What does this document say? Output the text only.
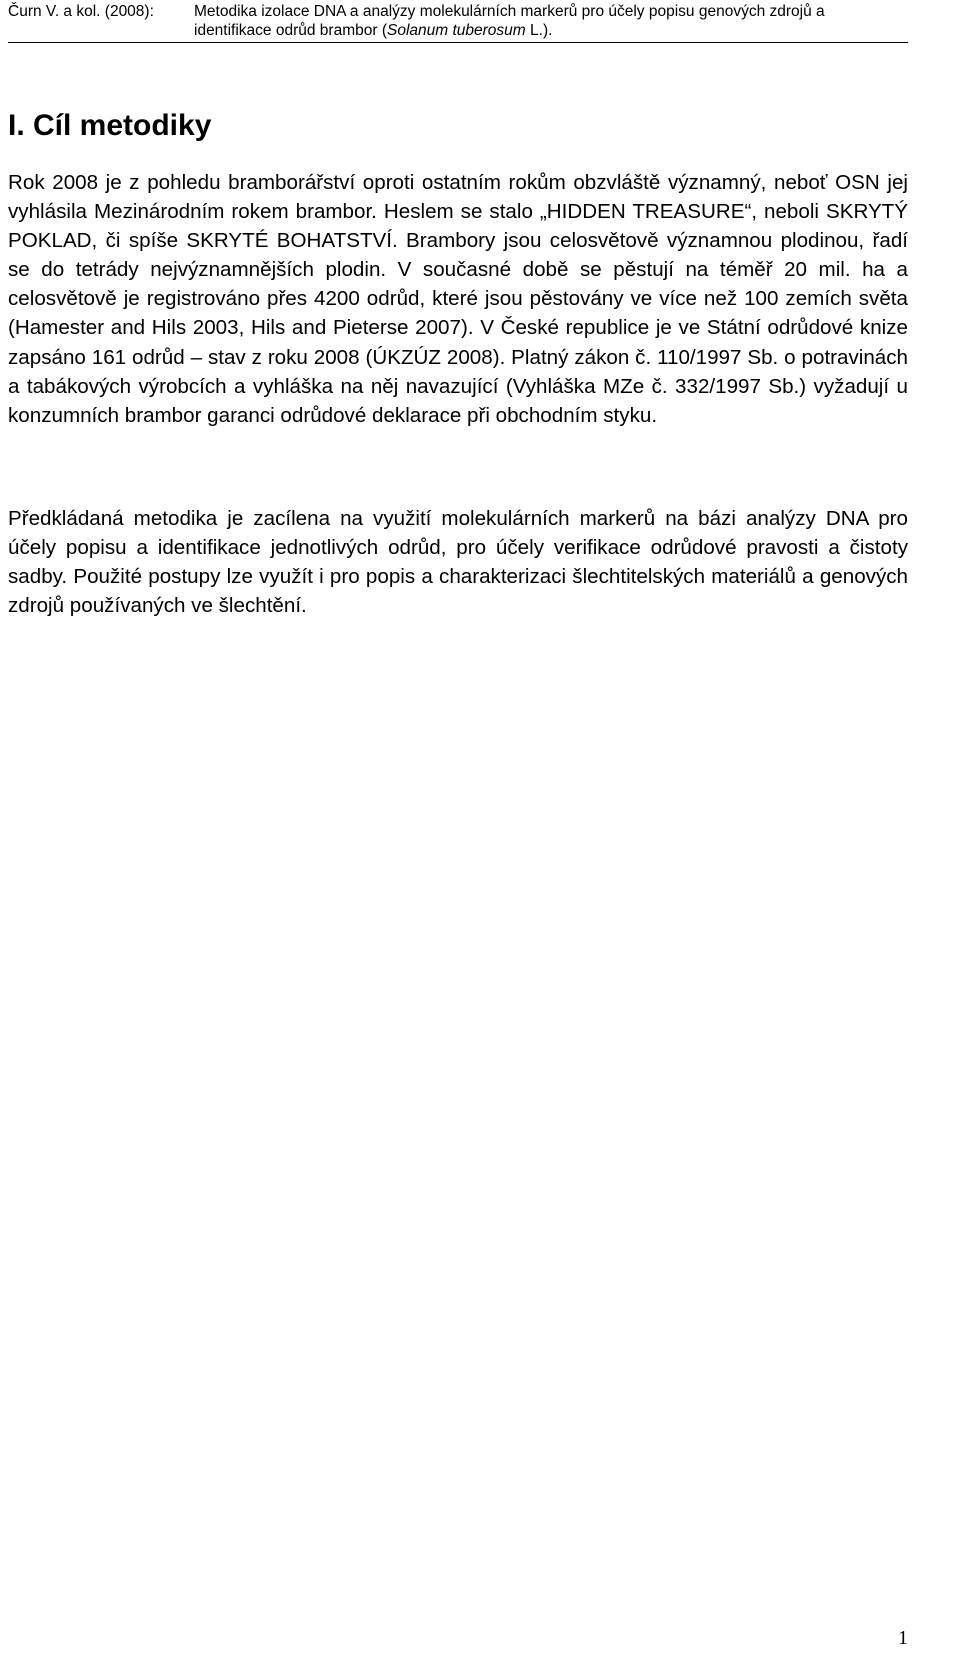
Čurn V. a kol. (2008):	Metodika izolace DNA a analýzy molekulárních markerů pro účely popisu genových zdrojů a
identifikace odrůd brambor (Solanum tuberosum L.).
I. Cíl metodiky

Rok 2008 je z pohledu bramborářství oproti ostatním rokům obzvláště významný, neboť OSN jej vyhlásila Mezinárodním rokem brambor. Heslem se stalo „HIDDEN TREASURE“, neboli SKRYTÝ POKLAD, či spíše SKRYTÉ BOHATSTVÍ. Brambory jsou celosvětově významnou plodinou, řadí se do tetrády nejvýznamnějších plodin. V současné době se pěstují na téměř 20 mil. ha a celosvětově je registrováno přes 4200 odrůd, které jsou pěstovány ve více než 100 zemích světa (Hamester and Hils 2003, Hils and Pieterse 2007). V České republice je ve Státní odrůdové knize zapsáno 161 odrůd – stav z roku 2008 (ÚKZÚZ 2008). Platný zákon č. 110/1997 Sb. o potravinách a tabákových výrobcích a vyhláška na něj navazující (Vyhláška MZe č. 332/1997 Sb.) vyžadují u konzumních brambor garanci odrůdové deklarace při obchodním styku.

Předkládaná metodika je zacílena na využití molekulárních markerů na bázi analýzy DNA pro účely popisu a identifikace jednotlivých odrůd, pro účely verifikace odrůdové pravosti a čistoty sadby. Použité postupy lze využít i pro popis a charakterizaci šlechtitelských materiálů a genových zdrojů používaných ve šlechtění.

1
